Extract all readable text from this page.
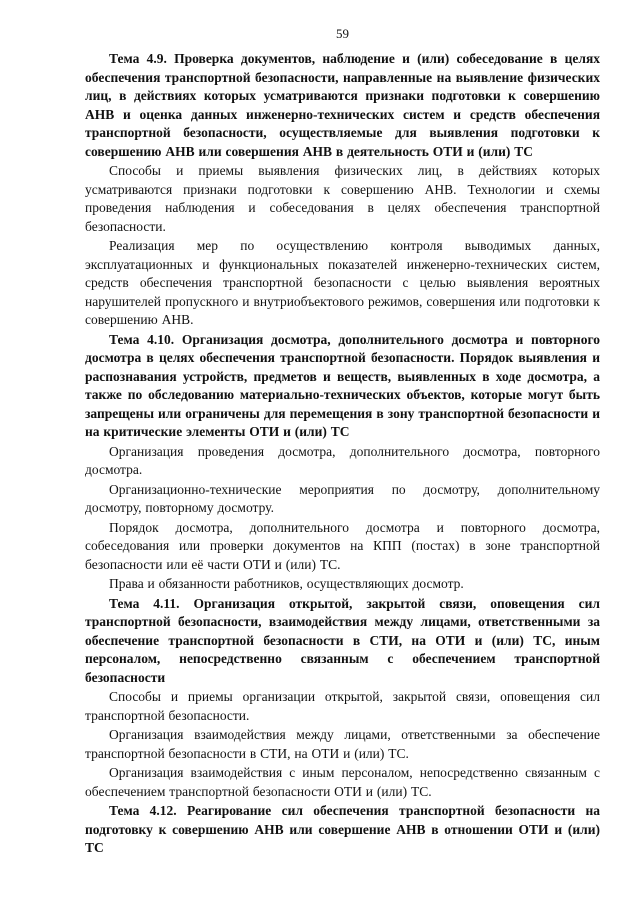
59

Тема 4.9. Проверка документов, наблюдение и (или) собеседование в целях обеспечения транспортной безопасности, направленные на выявление физических лиц, в действиях которых усматриваются признаки подготовки к совершению АНВ и оценка данных инженерно-технических систем и средств обеспечения транспортной безопасности, осуществляемые для выявления подготовки к совершению АНВ или совершения АНВ в деятельность ОТИ и (или) ТС

Способы и приемы выявления физических лиц, в действиях которых усматриваются признаки подготовки к совершению АНВ. Технологии и схемы проведения наблюдения и собеседования в целях обеспечения транспортной безопасности.

Реализация мер по осуществлению контроля выводимых данных, эксплуатационных и функциональных показателей инженерно-технических систем, средств обеспечения транспортной безопасности с целью выявления вероятных нарушителей пропускного и внутриобъектового режимов, совершения или подготовки к совершению АНВ.

Тема 4.10. Организация досмотра, дополнительного досмотра и повторного досмотра в целях обеспечения транспортной безопасности. Порядок выявления и распознавания устройств, предметов и веществ, выявленных в ходе досмотра, а также по обследованию материально-технических объектов, которые могут быть запрещены или ограничены для перемещения в зону транспортной безопасности и на критические элементы ОТИ и (или) ТС

Организация проведения досмотра, дополнительного досмотра, повторного досмотра.

Организационно-технические мероприятия по досмотру, дополнительному досмотру, повторному досмотру.

Порядок досмотра, дополнительного досмотра и повторного досмотра, собеседования или проверки документов на КПП (постах) в зоне транспортной безопасности или её части ОТИ и (или) ТС.

Права и обязанности работников, осуществляющих досмотр.

Тема 4.11. Организация открытой, закрытой связи, оповещения сил транспортной безопасности, взаимодействия между лицами, ответственными за обеспечение транспортной безопасности в СТИ, на ОТИ и (или) ТС, иным персоналом, непосредственно связанным с обеспечением транспортной безопасности

Способы и приемы организации открытой, закрытой связи, оповещения сил транспортной безопасности.

Организация взаимодействия между лицами, ответственными за обеспечение транспортной безопасности в СТИ, на ОТИ и (или) ТС.

Организация взаимодействия с иным персоналом, непосредственно связанным с обеспечением транспортной безопасности ОТИ и (или) ТС.

Тема 4.12. Реагирование сил обеспечения транспортной безопасности на подготовку к совершению АНВ или совершение АНВ в отношении ОТИ и (или) ТС
